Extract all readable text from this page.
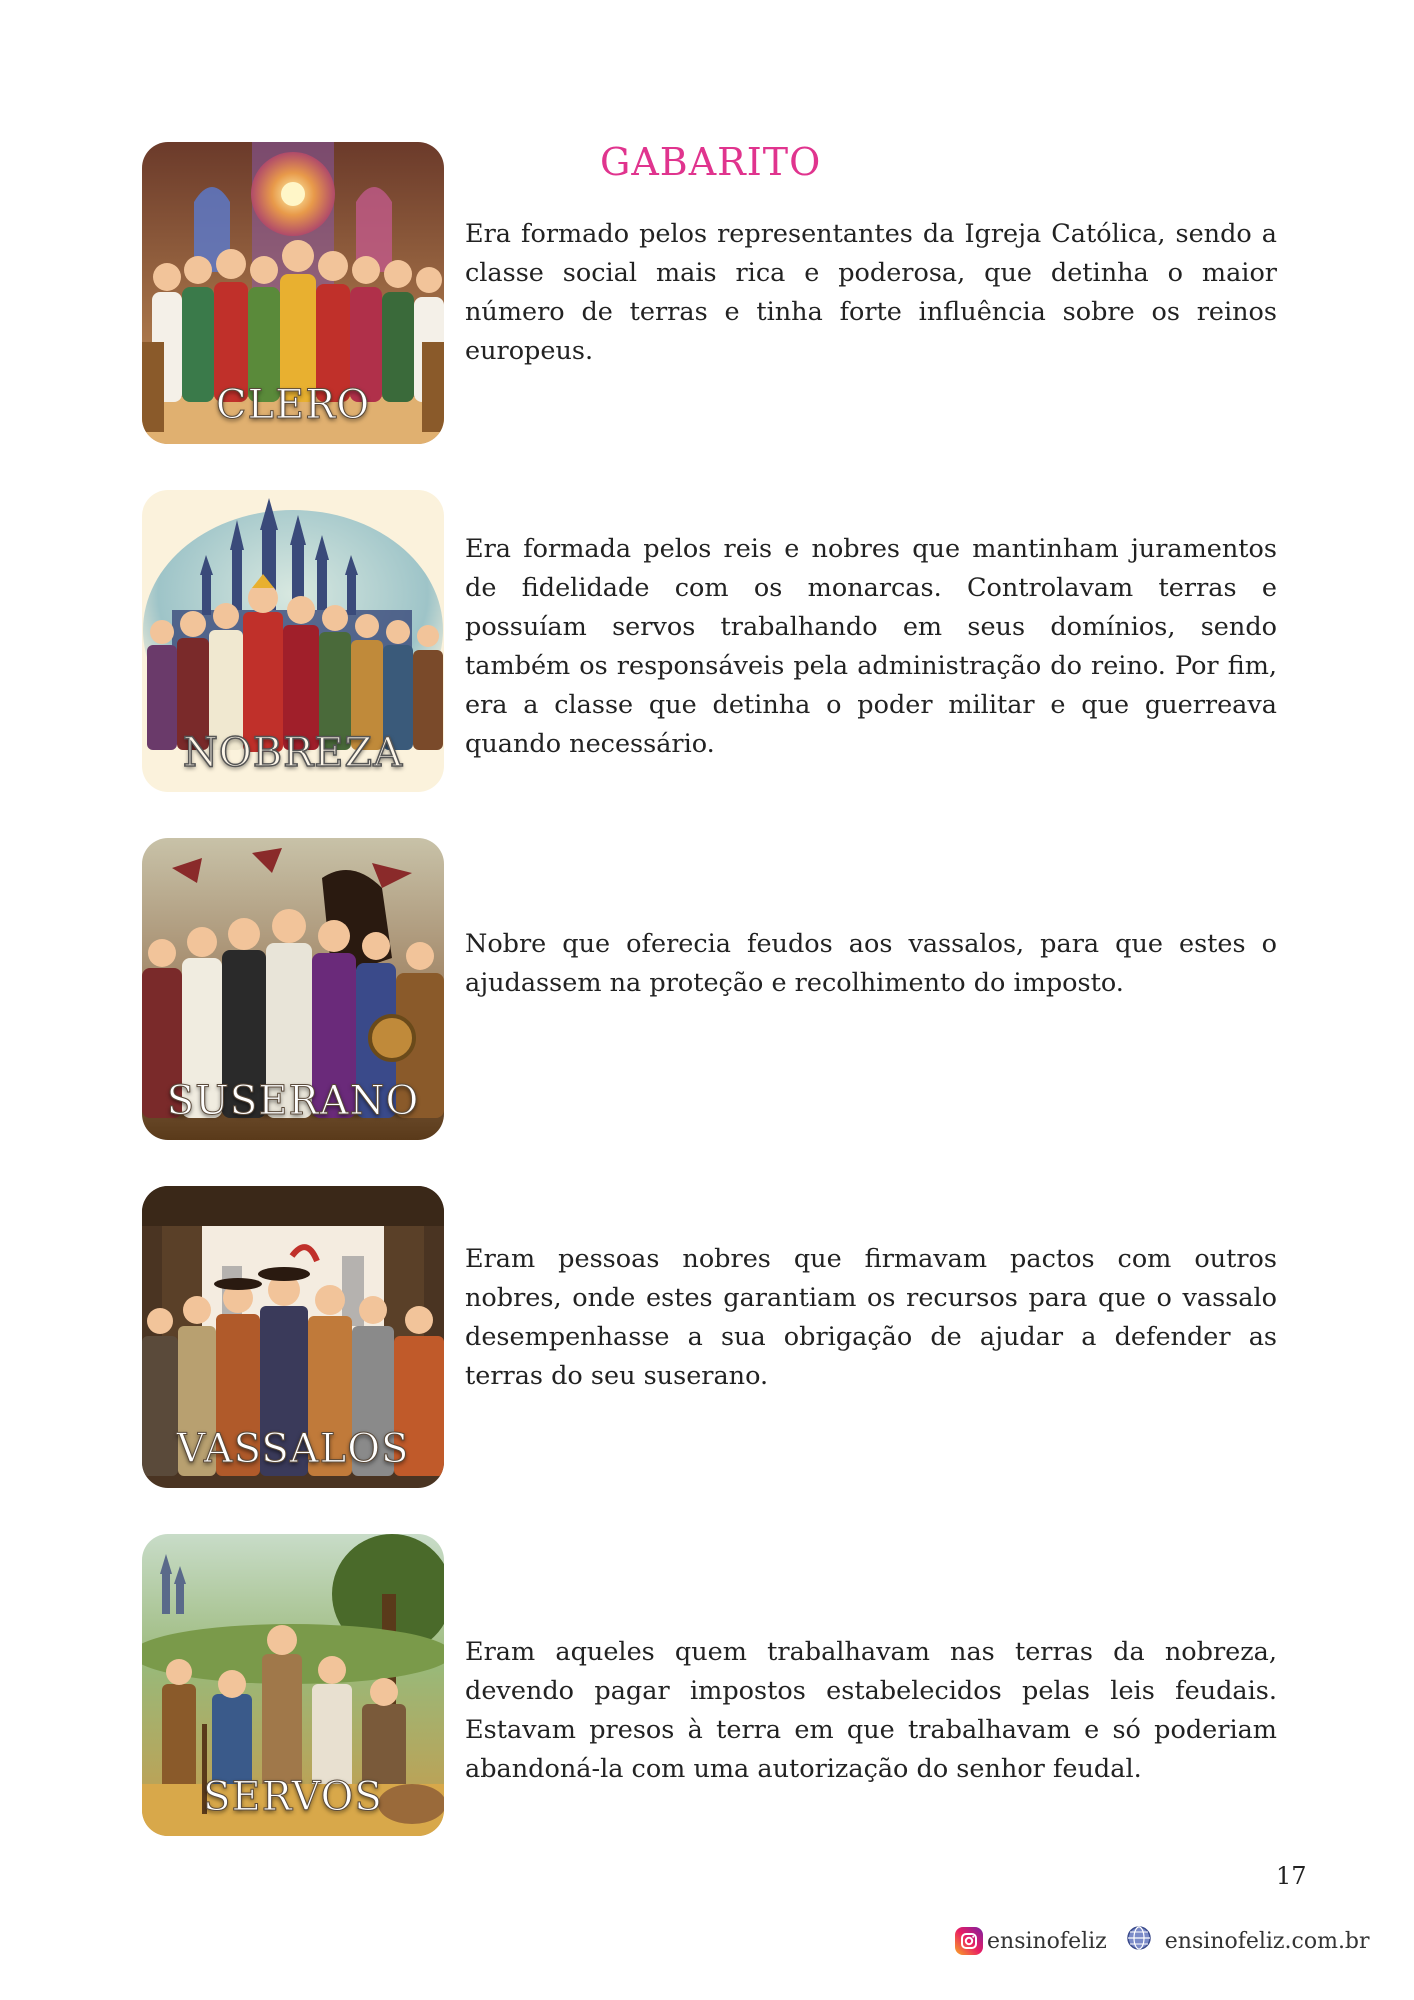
GABARITO
CLERO
Era formado pelos representantes da Igreja Católica, sendo a classe social mais rica e poderosa, que detinha o maior número de terras e tinha forte influência sobre os reinos europeus.
NOBREZA
Era formada pelos reis e nobres que mantinham juramentos de fidelidade com os monarcas. Controlavam terras e possuíam servos trabalhando em seus domínios, sendo também os responsáveis pela administração do reino. Por fim, era a classe que detinha o poder militar e que guerreava quando necessário.
SUSERANO
Nobre que oferecia feudos aos vassalos, para que estes o ajudassem na proteção e recolhimento do imposto.
VASSALOS
Eram pessoas nobres que firmavam pactos com outros nobres, onde estes garantiam os recursos para que o vassalo desempenhasse a sua obrigação de ajudar a defender as terras do seu suserano.
SERVOS
Eram aqueles quem trabalhavam nas terras da nobreza, devendo pagar impostos estabelecidos pelas leis feudais. Estavam presos à terra em que trabalhavam e só poderiam abandoná-la com uma autorização do senhor feudal.
17
ensinofeliz	ensinofeliz.com.br
